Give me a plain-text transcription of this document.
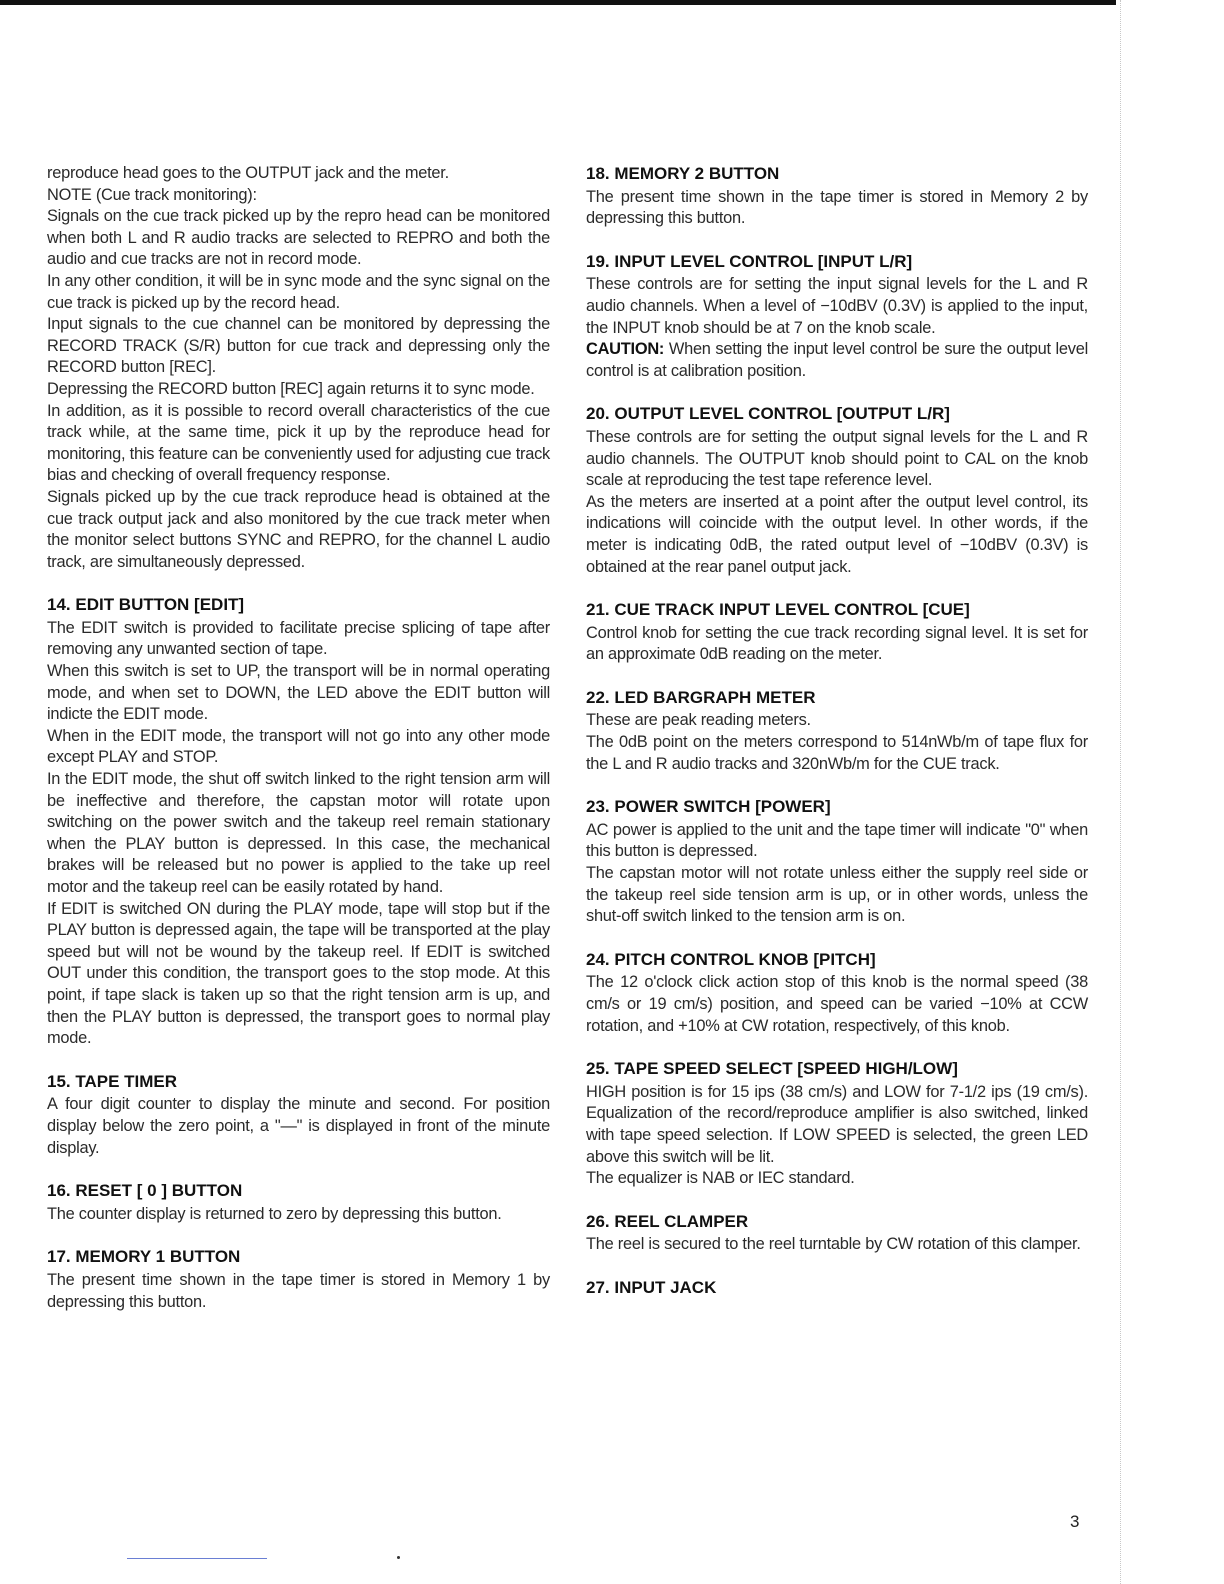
reproduce head goes to the OUTPUT jack and the meter.

NOTE (Cue track monitoring):

Signals on the cue track picked up by the repro head can be monitored when both L and R audio tracks are selected to REPRO and both the audio and cue tracks are not in record mode.

In any other condition, it will be in sync mode and the sync signal on the cue track is picked up by the record head.

Input signals to the cue channel can be monitored by depressing the RECORD TRACK (S/R) button for cue track and depressing only the RECORD button [REC].

Depressing the RECORD button [REC] again returns it to sync mode.

In addition, as it is possible to record overall characteristics of the cue track while, at the same time, pick it up by the reproduce head for monitoring, this feature can be conveniently used for adjusting cue track bias and checking of overall frequency response.

Signals picked up by the cue track reproduce head is obtained at the cue track output jack and also monitored by the cue track meter when the monitor select buttons SYNC and REPRO, for the channel L audio track, are simultaneously depressed.

14. EDIT BUTTON [EDIT]

The EDIT switch is provided to facilitate precise splicing of tape after removing any unwanted section of tape.

When this switch is set to UP, the transport will be in normal operating mode, and when set to DOWN, the LED above the EDIT button will indicte the EDIT mode.

When in the EDIT mode, the transport will not go into any other mode except PLAY and STOP.

In the EDIT mode, the shut off switch linked to the right tension arm will be ineffective and therefore, the capstan motor will rotate upon switching on the power switch and the takeup reel remain stationary when the PLAY button is depressed. In this case, the mechanical brakes will be released but no power is applied to the take up reel motor and the takeup reel can be easily rotated by hand.

If EDIT is switched ON during the PLAY mode, tape will stop but if the PLAY button is depressed again, the tape will be transported at the play speed but will not be wound by the takeup reel. If EDIT is switched OUT under this condition, the transport goes to the stop mode. At this point, if tape slack is taken up so that the right tension arm is up, and then the PLAY button is depressed, the transport goes to normal play mode.

15. TAPE TIMER

A four digit counter to display the minute and second. For position display below the zero point, a "—" is displayed in front of the minute display.

16. RESET [ 0 ] BUTTON

The counter display is returned to zero by depressing this button.

17. MEMORY 1 BUTTON

The present time shown in the tape timer is stored in Memory 1 by depressing this button.

18. MEMORY 2 BUTTON

The present time shown in the tape timer is stored in Memory 2 by depressing this button.

19. INPUT LEVEL CONTROL [INPUT L/R]

These controls are for setting the input signal levels for the L and R audio channels. When a level of −10dBV (0.3V) is applied to the input, the INPUT knob should be at 7 on the knob scale.

CAUTION: When setting the input level control be sure the output level control is at calibration position.

20. OUTPUT LEVEL CONTROL [OUTPUT L/R]

These controls are for setting the output signal levels for the L and R audio channels. The OUTPUT knob should point to CAL on the knob scale at reproducing the test tape reference level.

As the meters are inserted at a point after the output level control, its indications will coincide with the output level. In other words, if the meter is indicating 0dB, the rated output level of −10dBV (0.3V) is obtained at the rear panel output jack.

21. CUE TRACK INPUT LEVEL CONTROL [CUE]

Control knob for setting the cue track recording signal level. It is set for an approximate 0dB reading on the meter.

22. LED BARGRAPH METER

These are peak reading meters.

The 0dB point on the meters correspond to 514nWb/m of tape flux for the L and R audio tracks and 320nWb/m for the CUE track.

23. POWER SWITCH [POWER]

AC power is applied to the unit and the tape timer will indicate "0" when this button is depressed.

The capstan motor will not rotate unless either the supply reel side or the takeup reel side tension arm is up, or in other words, unless the shut-off switch linked to the tension arm is on.

24. PITCH CONTROL KNOB [PITCH]

The 12 o'clock click action stop of this knob is the normal speed (38 cm/s or 19 cm/s) position, and speed can be varied −10% at CCW rotation, and +10% at CW rotation, respectively, of this knob.

25. TAPE SPEED SELECT [SPEED HIGH/LOW]

HIGH position is for 15 ips (38 cm/s) and LOW for 7-1/2 ips (19 cm/s). Equalization of the record/reproduce amplifier is also switched, linked with tape speed selection. If LOW SPEED is selected, the green LED above this switch will be lit.

The equalizer is NAB or IEC standard.

26. REEL CLAMPER

The reel is secured to the reel turntable by CW rotation of this clamper.

27. INPUT JACK
3
